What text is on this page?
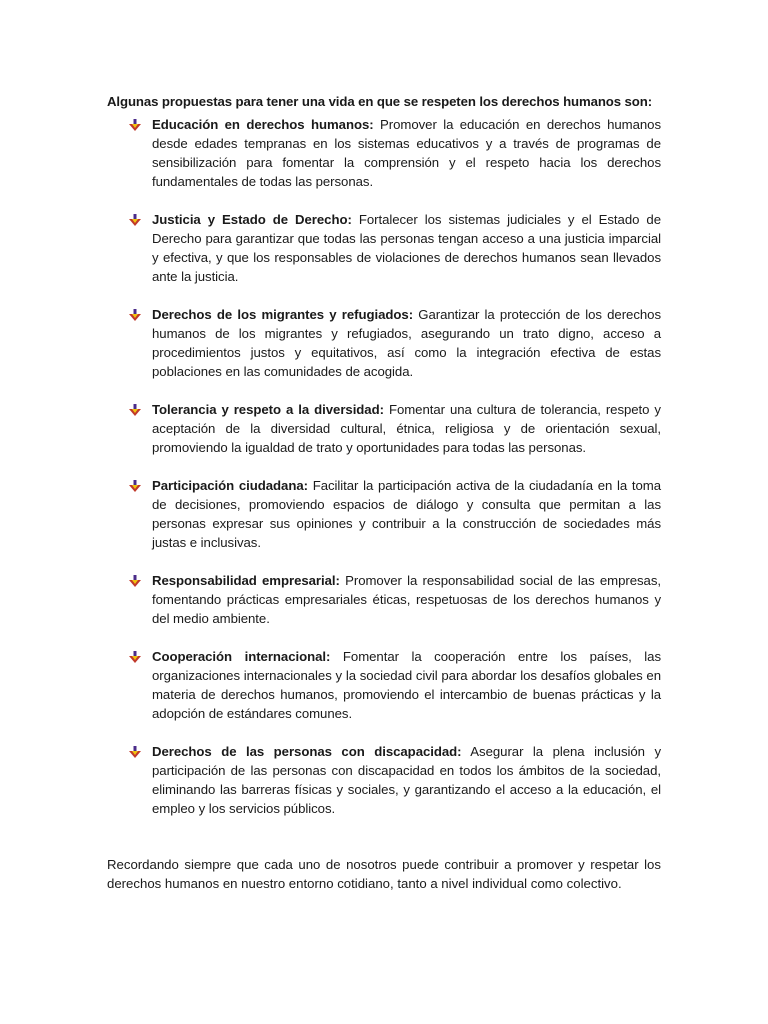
Algunas propuestas para tener una vida en que se respeten los derechos humanos son:

Educación en derechos humanos: Promover la educación en derechos humanos desde edades tempranas en los sistemas educativos y a través de programas de sensibilización para fomentar la comprensión y el respeto hacia los derechos fundamentales de todas las personas.
Justicia y Estado de Derecho: Fortalecer los sistemas judiciales y el Estado de Derecho para garantizar que todas las personas tengan acceso a una justicia imparcial y efectiva, y que los responsables de violaciones de derechos humanos sean llevados ante la justicia.
Derechos de los migrantes y refugiados: Garantizar la protección de los derechos humanos de los migrantes y refugiados, asegurando un trato digno, acceso a procedimientos justos y equitativos, así como la integración efectiva de estas poblaciones en las comunidades de acogida.
Tolerancia y respeto a la diversidad: Fomentar una cultura de tolerancia, respeto y aceptación de la diversidad cultural, étnica, religiosa y de orientación sexual, promoviendo la igualdad de trato y oportunidades para todas las personas.
Participación ciudadana: Facilitar la participación activa de la ciudadanía en la toma de decisiones, promoviendo espacios de diálogo y consulta que permitan a las personas expresar sus opiniones y contribuir a la construcción de sociedades más justas e inclusivas.
Responsabilidad empresarial: Promover la responsabilidad social de las empresas, fomentando prácticas empresariales éticas, respetuosas de los derechos humanos y del medio ambiente.
Cooperación internacional: Fomentar la cooperación entre los países, las organizaciones internacionales y la sociedad civil para abordar los desafíos globales en materia de derechos humanos, promoviendo el intercambio de buenas prácticas y la adopción de estándares comunes.
Derechos de las personas con discapacidad: Asegurar la plena inclusión y participación de las personas con discapacidad en todos los ámbitos de la sociedad, eliminando las barreras físicas y sociales, y garantizando el acceso a la educación, el empleo y los servicios públicos.

Recordando siempre que cada uno de nosotros puede contribuir a promover y respetar los derechos humanos en nuestro entorno cotidiano, tanto a nivel individual como colectivo.
